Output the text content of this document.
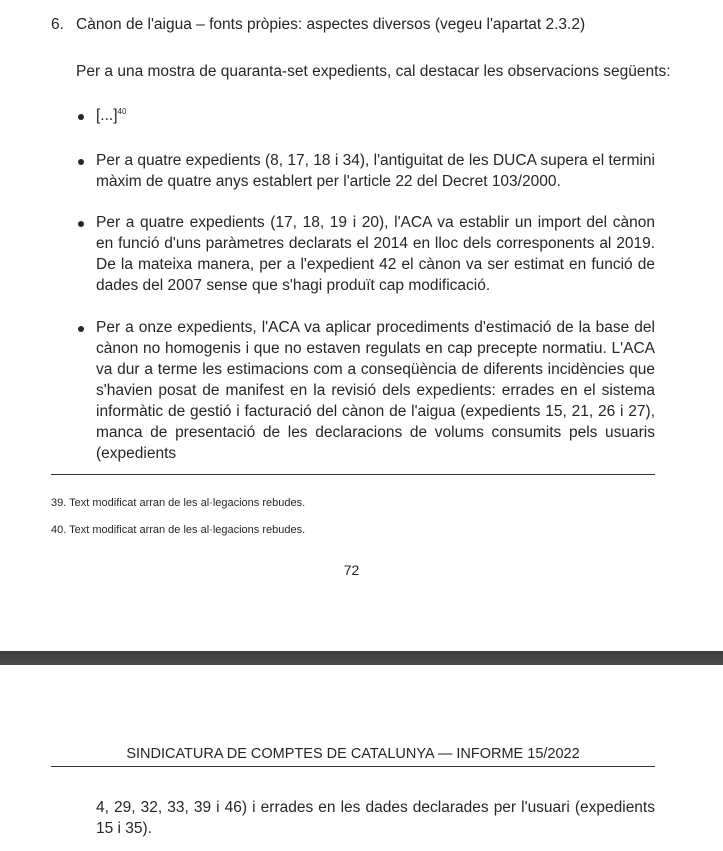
6. Cànon de l'aigua – fonts pròpies: aspectes diversos (vegeu l'apartat 2.3.2)
Per a una mostra de quaranta-set expedients, cal destacar les observacions següents:
[...]$^{40}$
Per a quatre expedients (8, 17, 18 i 34), l'antiguitat de les DUCA supera el termini màxim de quatre anys establert per l'article 22 del Decret 103/2000.
Per a quatre expedients (17, 18, 19 i 20), l'ACA va establir un import del cànon en funció d'uns paràmetres declarats el 2014 en lloc dels corresponents al 2019. De la mateixa manera, per a l'expedient 42 el cànon va ser estimat en funció de dades del 2007 sense que s'hagi produït cap modificació.
Per a onze expedients, l'ACA va aplicar procediments d'estimació de la base del cànon no homogenis i que no estaven regulats en cap precepte normatiu. L'ACA va dur a terme les estimacions com a conseqüència de diferents incidències que s'havien posat de manifest en la revisió dels expedients: errades en el sistema informàtic de gestió i facturació del cànon de l'aigua (expedients 15, 21, 26 i 27), manca de presentació de les declaracions de volums consumits pels usuaris (expedients
39. Text modificat arran de les al·legacions rebudes.
40. Text modificat arran de les al·legacions rebudes.
72
SINDICATURA DE COMPTES DE CATALUNYA — INFORME 15/2022
4, 29, 32, 33, 39 i 46) i errades en les dades declarades per l'usuari (expedients 15 i 35).
